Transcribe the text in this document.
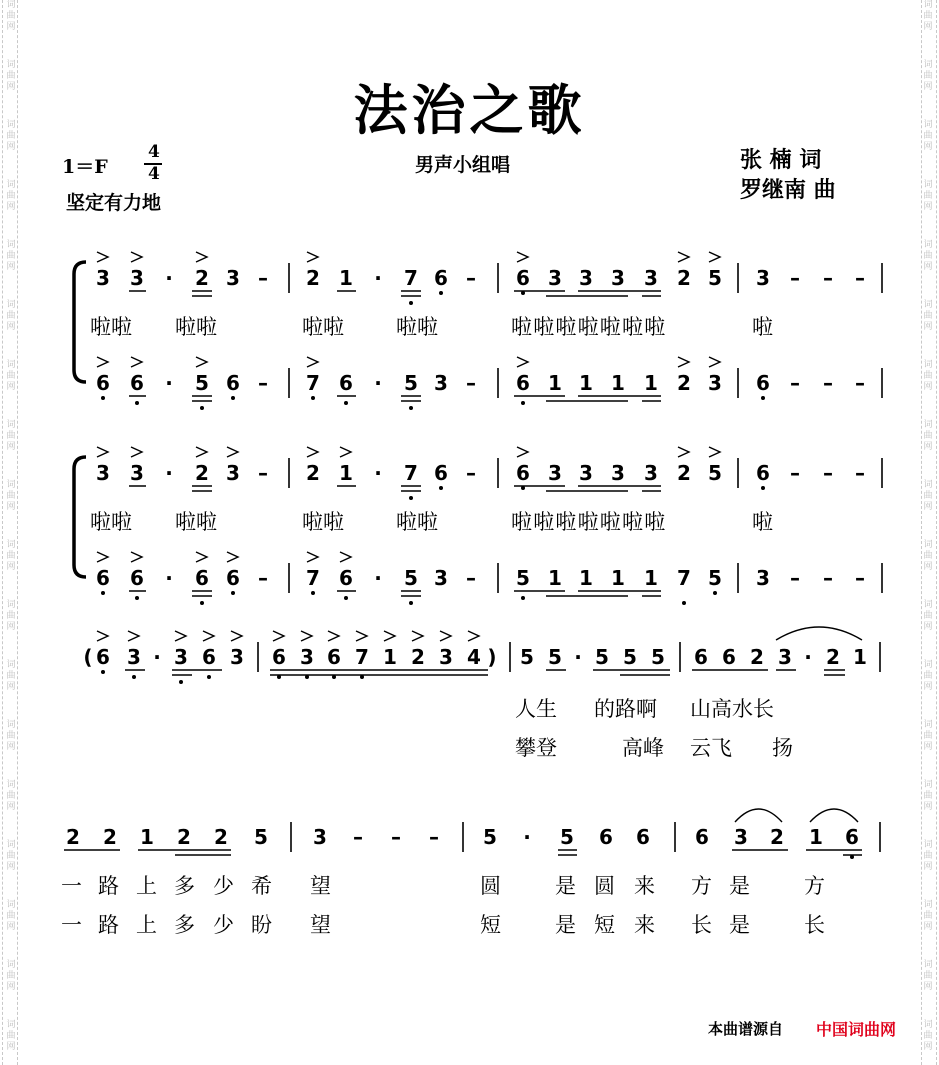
词
曲
网
词
曲
网
词
曲
网
词
曲
网
词
曲
网
词
曲
网
词
曲
网
词
曲
网
词
曲
网
词
曲
网
词
曲
网
词
曲
网
词
曲
网
词
曲
网
词
曲
网
词
曲
网
词
曲
网
词
曲
网
词
曲
网
词
曲
网
词
曲
网
词
曲
网
词
曲
网
词
曲
网
词
曲
网
词
曲
网
词
曲
网
词
曲
网
词
曲
网
词
曲
网
词
曲
网
词
曲
网
词
曲
网
词
曲
网
词
曲
网
词
曲
网
法治之歌
1＝F
4
4
坚定有力地
男声小组唱	张 楠 词
罗继南 曲
3 3 · 2 3 – 2 1 · 7 6 – 6 3 3 3 3 2 5 3 – – –
6 6 · 5 6 – 7 6 · 5 3 – 6 1 1 1 1 2 3 6 – – –
3 3 · 2 3 – 2 1 · 7 6 – 6 3 3 3 3 2 5 6 – – –
6 6 · 6 6 – 7 6 · 5 3 – 5 1 1 1 1 7 5 3 – – –
( 6 3 · 3 6 3 6 3 6 7 1 2 3 4 5 5 · 5 5 5 6 6 2 3 · 2 1
)
2 2 1 2 2 5 3 – – – 5 · 5 6 6 6 3 2 1 6
啦啦 啦啦	啦啦 啦啦	啦啦啦啦啦啦啦	啦
啦啦 啦啦	啦啦 啦啦	啦啦啦啦啦啦啦	啦
人生 的路啊 山高水长
攀登	高峰 云飞 扬
一 路 上 多 少 希 望	圆	是 圆 来 方 是	方
一 路 上 多 少 盼 望	短	是 短 来 长 是	长
本曲谱源自 中国词曲网
